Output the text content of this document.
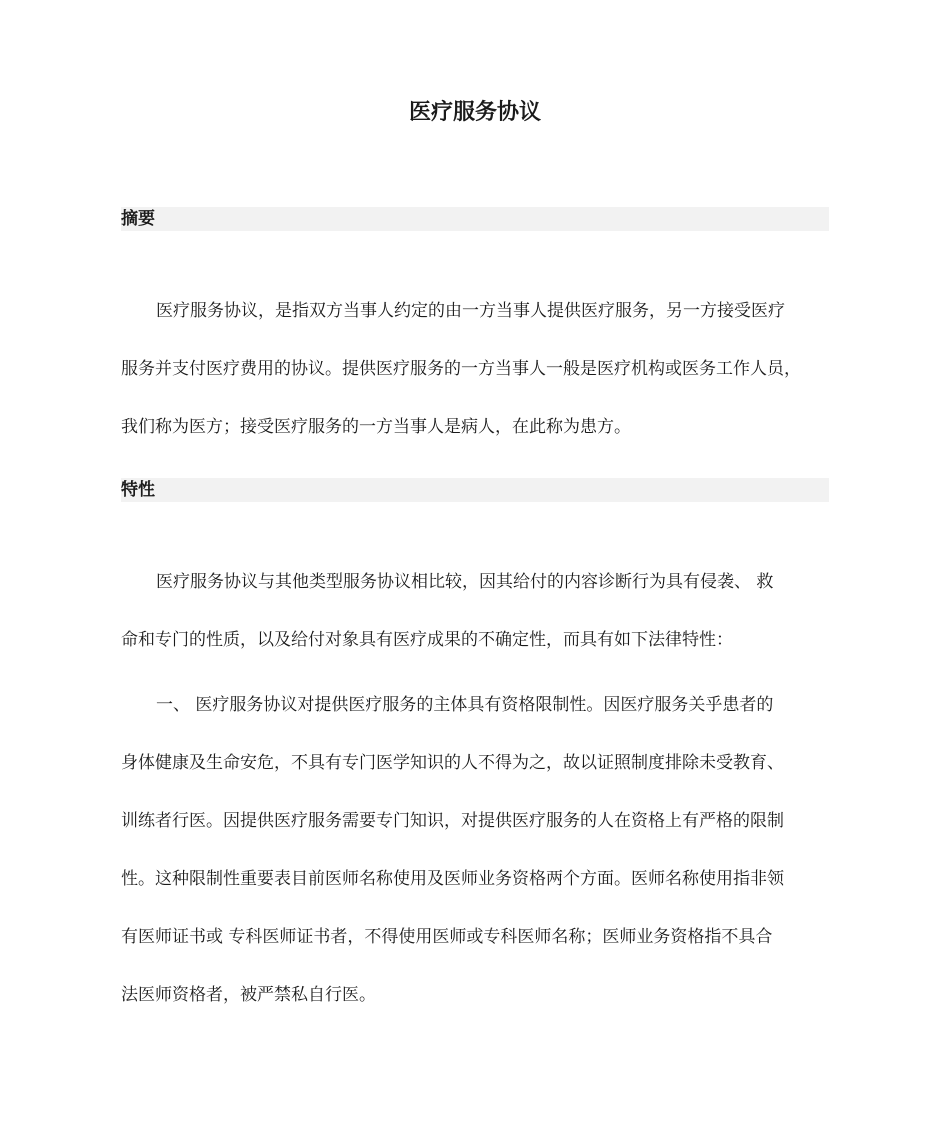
医疗服务协议
摘要
医疗服务协议，是指双方当事人约定的由一方当事人提供医疗服务，另一方接受医疗
服务并支付医疗费用的协议。提供医疗服务的一方当事人一般是医疗机构或医务工作人员，
我们称为医方；接受医疗服务的一方当事人是病人，在此称为患方。
特性
医疗服务协议与其他类型服务协议相比较，因其给付的内容诊断行为具有侵袭、 救
命和专门的性质，以及给付对象具有医疗成果的不确定性，而具有如下法律特性：
一、 医疗服务协议对提供医疗服务的主体具有资格限制性。因医疗服务关乎患者的
身体健康及生命安危，不具有专门医学知识的人不得为之，故以证照制度排除未受教育、
训练者行医。因提供医疗服务需要专门知识，对提供医疗服务的人在资格上有严格的限制
性。这种限制性重要表目前医师名称使用及医师业务资格两个方面。医师名称使用指非领
有医师证书或 专科医师证书者，不得使用医师或专科医师名称；医师业务资格指不具合
法医师资格者，被严禁私自行医。
